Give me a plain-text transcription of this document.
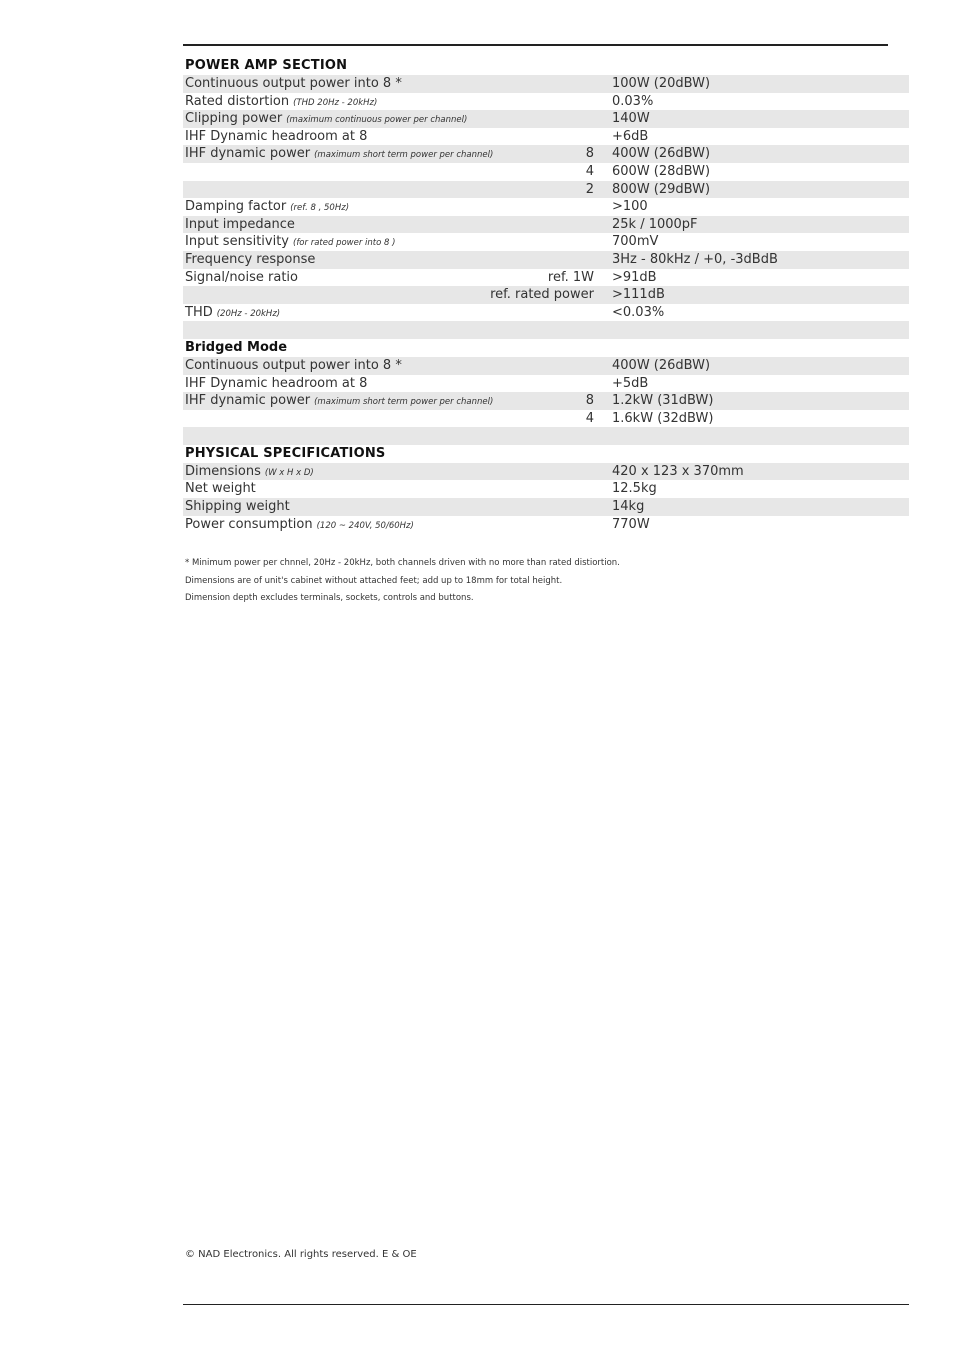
POWER AMP SECTION
Continuous output power into 8 *	100W (20dBW)
Rated distortion (THD 20Hz - 20kHz)	0.03%
Clipping power (maximum continuous power per channel)	140W
IHF Dynamic headroom at 8	+6dB
IHF dynamic power (maximum short term power per channel)	8 400W (26dBW)
4 600W (28dBW)
2 800W (29dBW)
Damping factor (ref. 8 , 50Hz)	>100
Input impedance	25k / 1000pF
Input sensitivity (for rated power into 8 )	700mV
Frequency response	3Hz - 80kHz / +0, -3dBdB
Signal/noise ratio	ref. 1W >91dB
ref. rated power >111dB
THD (20Hz - 20kHz)	<0.03%
Bridged Mode
Continuous output power into 8 *	400W (26dBW)
IHF Dynamic headroom at 8	+5dB
IHF dynamic power (maximum short term power per channel)	8 1.2kW (31dBW)
4 1.6kW (32dBW)
PHYSICAL SPECIFICATIONS
Dimensions (W x H x D)	420 x 123 x 370mm
Net weight	12.5kg
Shipping weight	14kg
Power consumption (120 ~ 240V, 50/60Hz)	770W
* Minimum power per chnnel, 20Hz - 20kHz, both channels driven with no more than rated distiortion.
Dimensions are of unit's cabinet without attached feet; add up to 18mm for total height.
Dimension depth excludes terminals, sockets, controls and buttons.
© NAD Electronics. All rights reserved. E & OE
